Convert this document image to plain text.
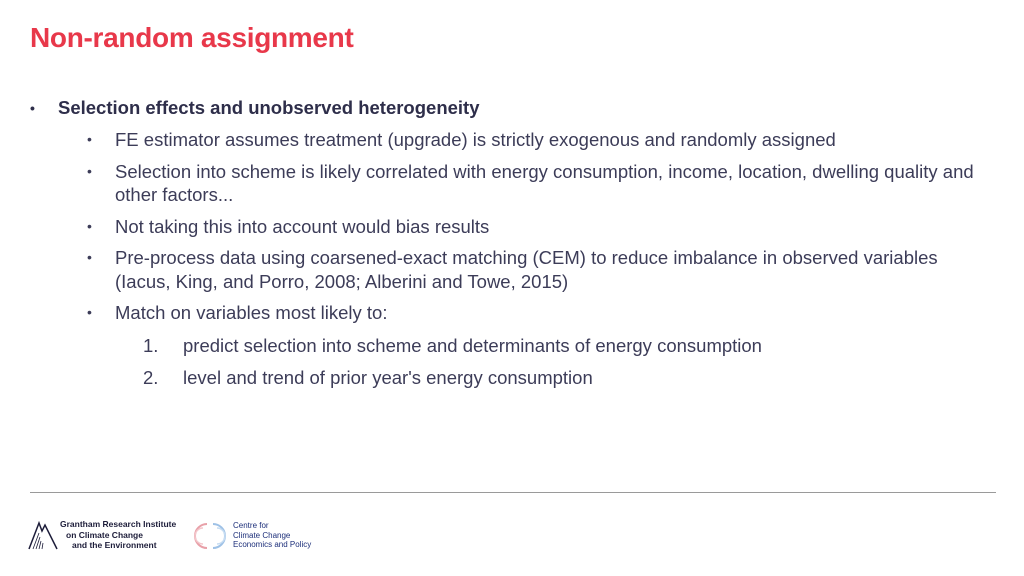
Non-random assignment
• Selection effects and unobserved heterogeneity
• FE estimator assumes treatment (upgrade) is strictly exogenous and randomly assigned
• Selection into scheme is likely correlated with energy consumption, income, location, dwelling quality and other factors...
• Not taking this into account would bias results
• Pre-process data using coarsened-exact matching (CEM) to reduce imbalance in observed variables (Iacus, King, and Porro, 2008; Alberini and Towe, 2015)
• Match on variables most likely to:
1. predict selection into scheme and determinants of energy consumption
2. level and trend of prior year's energy consumption
Grantham Research Institute
on Climate Change
and the Environment
Centre for
Climate Change
Economics and Policy
